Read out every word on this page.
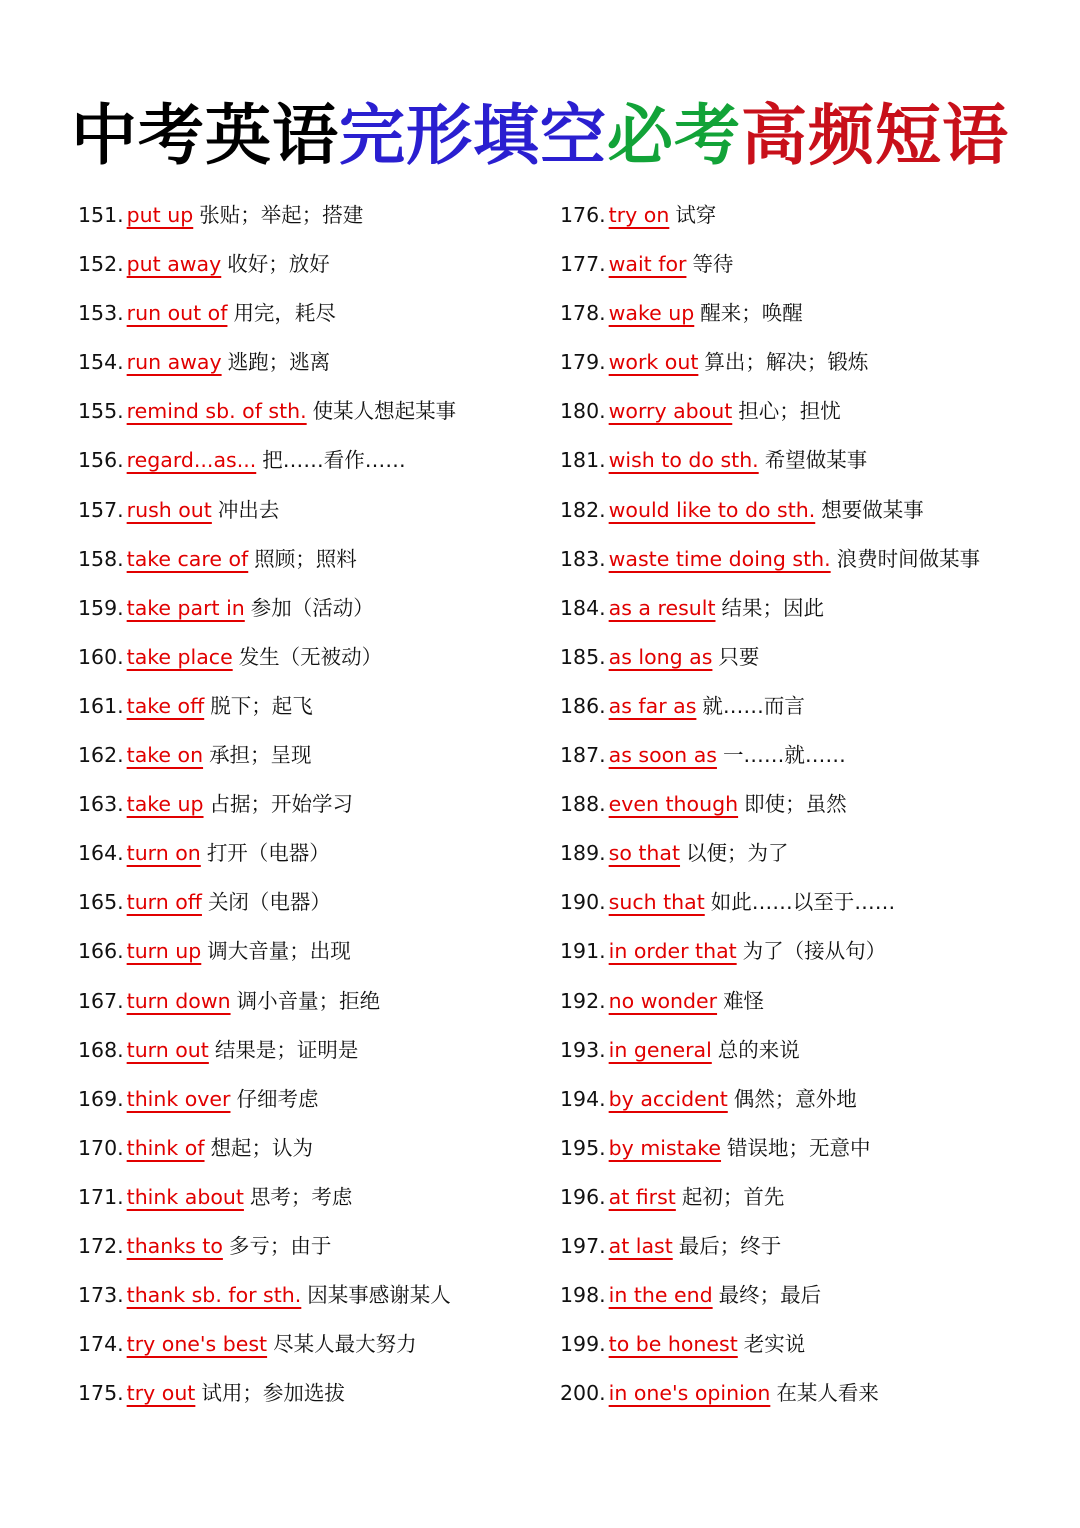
中考英语完形填空必考高频短语
151. put up 张贴；举起；搭建
152. put away 收好；放好
153. run out of 用完，耗尽
154. run away 逃跑；逃离
155. remind sb. of sth. 使某人想起某事
156. regard...as... 把……看作……
157. rush out 冲出去
158. take care of 照顾；照料
159. take part in 参加（活动）
160. take place 发生（无被动）
161. take off 脱下；起飞
162. take on 承担；呈现
163. take up 占据；开始学习
164. turn on 打开（电器）
165. turn off 关闭（电器）
166. turn up 调大音量；出现
167. turn down 调小音量；拒绝
168. turn out 结果是；证明是
169. think over 仔细考虑
170. think of 想起；认为
171. think about 思考；考虑
172. thanks to 多亏；由于
173. thank sb. for sth. 因某事感谢某人
174. try one's best 尽某人最大努力
175. try out 试用；参加选拔
176. try on 试穿
177. wait for 等待
178. wake up 醒来；唤醒
179. work out 算出；解决；锻炼
180. worry about 担心；担忧
181. wish to do sth. 希望做某事
182. would like to do sth. 想要做某事
183. waste time doing sth. 浪费时间做某事
184. as a result 结果；因此
185. as long as 只要
186. as far as 就……而言
187. as soon as 一……就……
188. even though 即使；虽然
189. so that 以便；为了
190. such that 如此……以至于……
191. in order that 为了（接从句）
192. no wonder 难怪
193. in general 总的来说
194. by accident 偶然；意外地
195. by mistake 错误地；无意中
196. at first 起初；首先
197. at last 最后；终于
198. in the end 最终；最后
199. to be honest 老实说
200. in one's opinion 在某人看来
